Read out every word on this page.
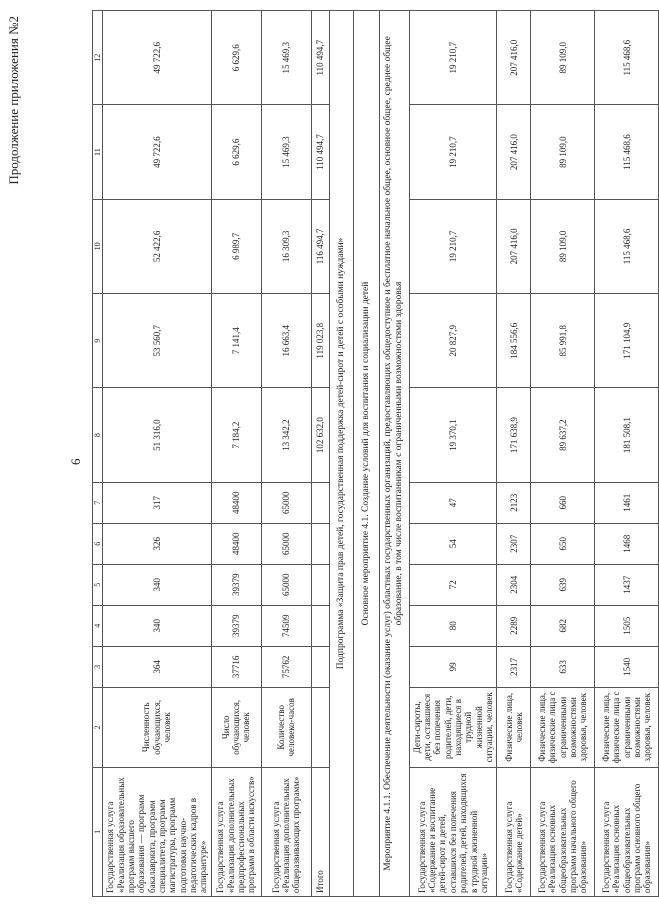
6
Продолжение приложения №2
1	2	3	4	5	6	7	8	9	10	11	12
Государственная услуга «Реализация образовательных программ высшего образования — программ бакалавриата, программ специалитета, программ магистратуры, программ подготовки научно-педагогических кадров в аспирантуре»	Численность обучающихся, человек	364	340	340	326	317	51 316,0	53 560,7	52 422,6	49 722,6	49 722,6
Государственная услуга «Реализация дополнительных предпрофессиональных программ в области искусств»	Число обучающихся, человек	37716	39379	39379	48400	48400	7 184,2	7 141,4	6 989,7	6 629,6	6 629,6
Государственная услуга «Реализация дополнительных общеразвивающих программ»	Количество человеко-часов	75762	74509	65000	65000	65000	13 342,2	16 663,4	16 309,3	15 469,3	15 469,3
Итого							102 632,0	119 023,8	116 494,7	110 494,7	110 494,7
Подпрограмма «Защита прав детей, государственная поддержка детей-сирот и детей с особыми нуждами»											
Основное мероприятие 4.1. Создание условий для воспитания и социализации детей											
Мероприятие 4.1.1. Обеспечение деятельности (оказание услуг) областных государственных организаций, предоставляющих общедоступное и бесплатное начальное общее, основное общее, среднее общее образование, в том числе воспитанникам с ограниченными возможностями здоровья											
Государственная услуга «Содержание и воспитание детей-сирот и детей, оставшихся без попечения родителей, детей, находящихся в трудной жизненной ситуации»	Дети-сироты, дети, оставшиеся без попечения родителей, дети, находящиеся в трудной жизненной ситуации, человек	99	80	72	54	47	19 370,1	20 827,9	19 210,7	19 210,7	19 210,7
Государственная услуга «Содержание детей»	Физические лица, человек	2317	2289	2304	2307	2123	171 638,9	184 556,6	207 416,0	207 416,0	207 416,0
Государственная услуга «Реализация основных общеобразовательных программ начального общего образования»	Физические лица, физические лица с ограниченными возможностями здоровья, человек	633	682	639	650	660	89 637,2	85 991,8	89 109,0	89 109,0	89 109,0
Государственная услуга «Реализация основных общеобразовательных программ основного общего образования»	Физические лица, физические лица с ограниченными возможностями здоровья, человек	1540	1505	1437	1468	1461	181 508,1	171 104,9	115 468,6	115 468,6	115 468,6
